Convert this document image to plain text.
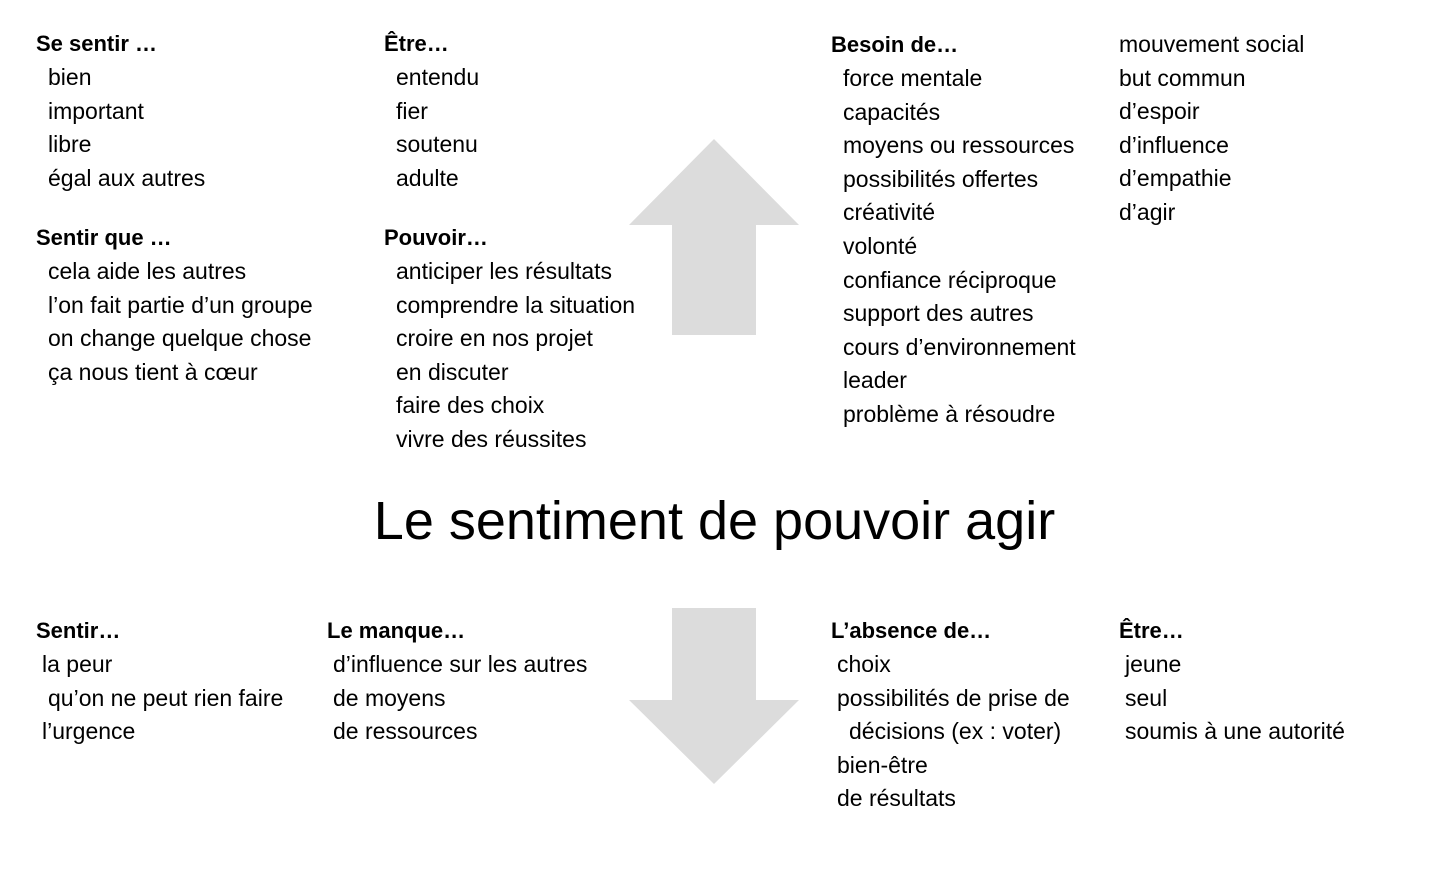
Se sentir …
bien
important
libre
égal aux autres
Sentir que …
cela aide les autres
l’on fait partie d’un groupe
on change quelque chose
ça nous tient à cœur
Être…
entendu
fier
soutenu
adulte
Pouvoir…
anticiper les résultats
comprendre la situation
croire en nos projet
en discuter
faire des choix
vivre des réussites
Besoin de…
force mentale
capacités
moyens ou ressources
possibilités offertes
créativité
volonté
confiance réciproque
support des autres
cours d’environnement
leader
problème à résoudre
mouvement social
but commun
d’espoir
d’influence
d’empathie
d’agir
Le sentiment de pouvoir agir
Sentir…
la peur
qu’on ne peut rien faire
l’urgence
Le manque…
d’influence sur les autres
de moyens
de ressources
L’absence de…
choix
possibilités de prise de
décisions (ex : voter)
bien-être
de résultats
Être…
jeune
seul
soumis à une autorité
